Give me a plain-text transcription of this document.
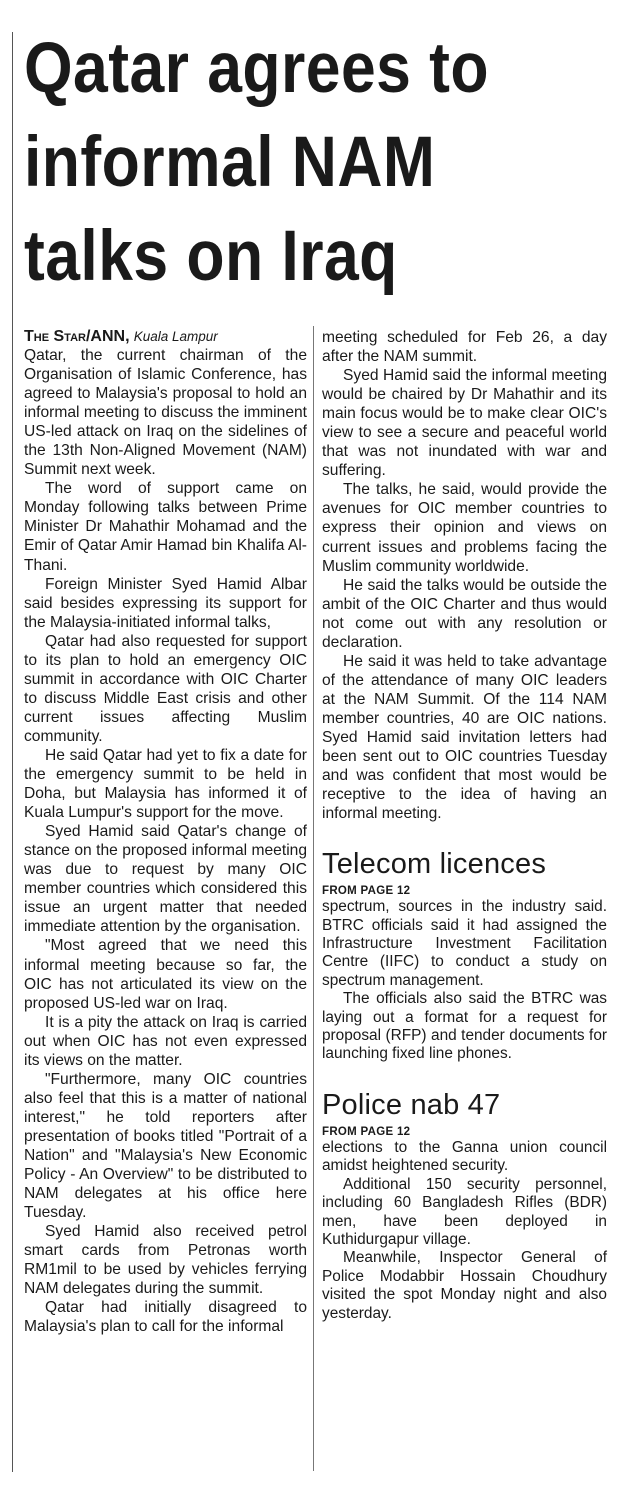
Qatar agrees to
informal NAM
talks on Iraq

The Star/ANN, Kuala Lampur

Qatar, the current chairman of the Organisation of Islamic Conference, has agreed to Malaysia's proposal to hold an informal meeting to discuss the imminent US-led attack on Iraq on the sidelines of the 13th Non-Aligned Movement (NAM) Summit next week.

The word of support came on Monday following talks between Prime Minister Dr Mahathir Mohamad and the Emir of Qatar Amir Hamad bin Khalifa Al-Thani.

Foreign Minister Syed Hamid Albar said besides expressing its support for the Malaysia-initiated informal talks,

Qatar had also requested for support to its plan to hold an emergency OIC summit in accordance with OIC Charter to discuss Middle East crisis and other current issues affecting Muslim community.

He said Qatar had yet to fix a date for the emergency summit to be held in Doha, but Malaysia has informed it of Kuala Lumpur's support for the move.

Syed Hamid said Qatar's change of stance on the proposed informal meeting was due to request by many OIC member countries which considered this issue an urgent matter that needed immediate attention by the organisation.

"Most agreed that we need this informal meeting because so far, the OIC has not articulated its view on the proposed US-led war on Iraq.

It is a pity the attack on Iraq is carried out when OIC has not even expressed its views on the matter.

"Furthermore, many OIC countries also feel that this is a matter of national interest," he told reporters after presentation of books titled "Portrait of a Nation" and "Malaysia's New Economic Policy - An Overview" to be distributed to NAM delegates at his office here Tuesday.

Syed Hamid also received petrol smart cards from Petronas worth RM1mil to be used by vehicles ferrying NAM delegates during the summit.

Qatar had initially disagreed to Malaysia's plan to call for the informal

meeting scheduled for Feb 26, a day after the NAM summit.

Syed Hamid said the informal meeting would be chaired by Dr Mahathir and its main focus would be to make clear OIC's view to see a secure and peaceful world that was not inundated with war and suffering.

The talks, he said, would provide the avenues for OIC member countries to express their opinion and views on current issues and problems facing the Muslim community worldwide.

He said the talks would be outside the ambit of the OIC Charter and thus would not come out with any resolution or declaration.

He said it was held to take advantage of the attendance of many OIC leaders at the NAM Summit. Of the 114 NAM member countries, 40 are OIC nations. Syed Hamid said invitation letters had been sent out to OIC countries Tuesday and was confident that most would be receptive to the idea of having an informal meeting.

Telecom licences

FROM PAGE 12

spectrum, sources in the industry said. BTRC officials said it had assigned the Infrastructure Investment Facilitation Centre (IIFC) to conduct a study on spectrum management.

The officials also said the BTRC was laying out a format for a request for proposal (RFP) and tender documents for launching fixed line phones.

Police nab 47

FROM PAGE 12

elections to the Ganna union council amidst heightened security.

Additional 150 security personnel, including 60 Bangladesh Rifles (BDR) men, have been deployed in Kuthidurgapur village.

Meanwhile, Inspector General of Police Modabbir Hossain Choudhury visited the spot Monday night and also yesterday.
